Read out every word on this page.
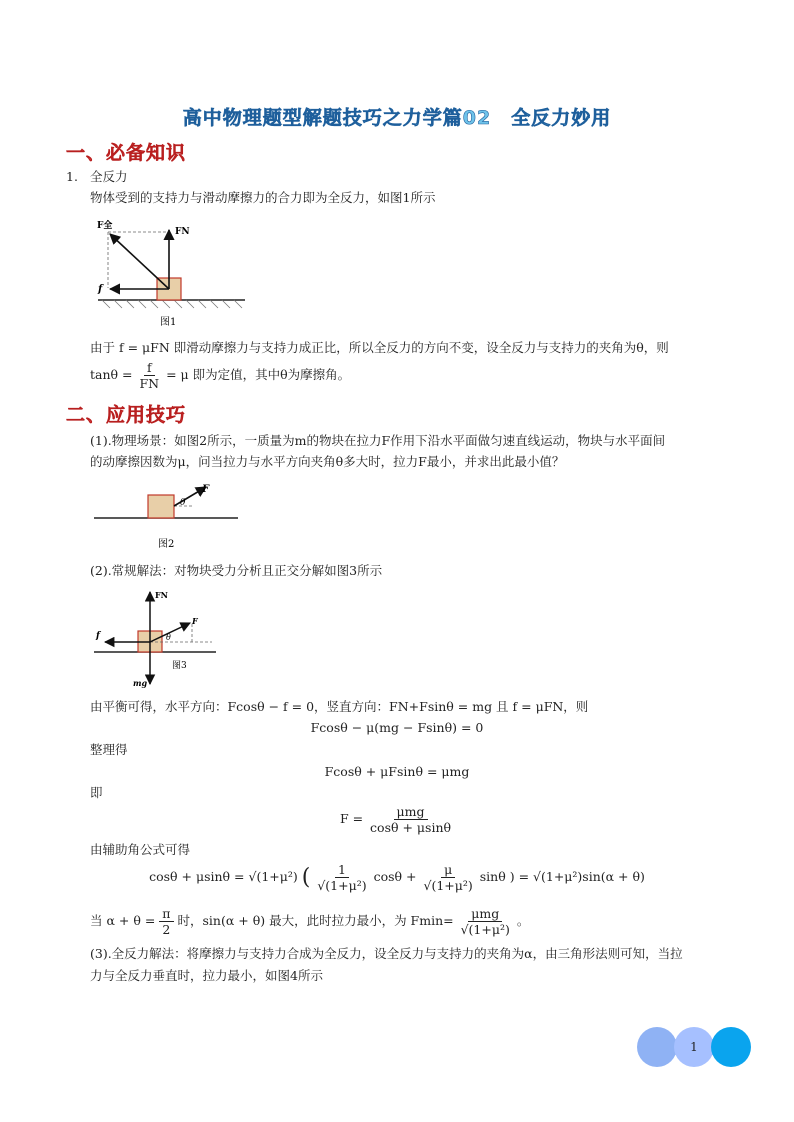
高中物理题型解题技巧之力学篇02　全反力妙用
一、必备知识
1. 全反力
物体受到的支持力与滑动摩擦力的合力即为全反力，如图1所示
F全
FN
f
图1
由于 f = μFN 即滑动摩擦力与支持力成正比，所以全反力的方向不变，设全反力与支持力的夹角为θ，则
$\tan\theta = \frac{f}{FN} = \mu$ 即为定值，其中θ为摩擦角。
二、应用技巧
(1).物理场景：如图2所示，一质量为m的物块在拉力F作用下沿水平面做匀速直线运动，物块与水平面间
的动摩擦因数为μ，问当拉力与水平方向夹角θ多大时，拉力F最小，并求出此最小值？
F
θ
图2
(2).常规解法：对物块受力分析且正交分解如图3所示
FN
F
f
mg
θ
图3
由平衡可得，水平方向：Fcosθ − f = 0，竖直方向：FN+Fsinθ = mg 且 f = μFN，则
Fcosθ − μ(mg − Fsinθ) = 0
整理得
Fcosθ + μFsinθ = μmg
即
$F = \frac{\text{μmg}}{\cos\theta + \mu\sin\theta}$
由辅助角公式可得
cosθ + μsinθ = √(1+μ²) ( $\frac{1}{\text{√(1+μ²)}}$ $\cos\theta + \frac{\mu}{\text{√(1+μ²)}}$ sinθ ) = √(1+μ²)sin(α + θ)
当 $\alpha + \theta = \frac{\pi}{2}$ 时，sin(α + θ) 最大，此时拉力最小，为 $Fmin= \frac{\text{μmg}}{\text{√(1+μ²)}}$ 。
(3).全反力解法：将摩擦力与支持力合成为全反力，设全反力与支持力的夹角为α，由三角形法则可知，当拉
力与全反力垂直时，拉力最小，如图4所示
1
